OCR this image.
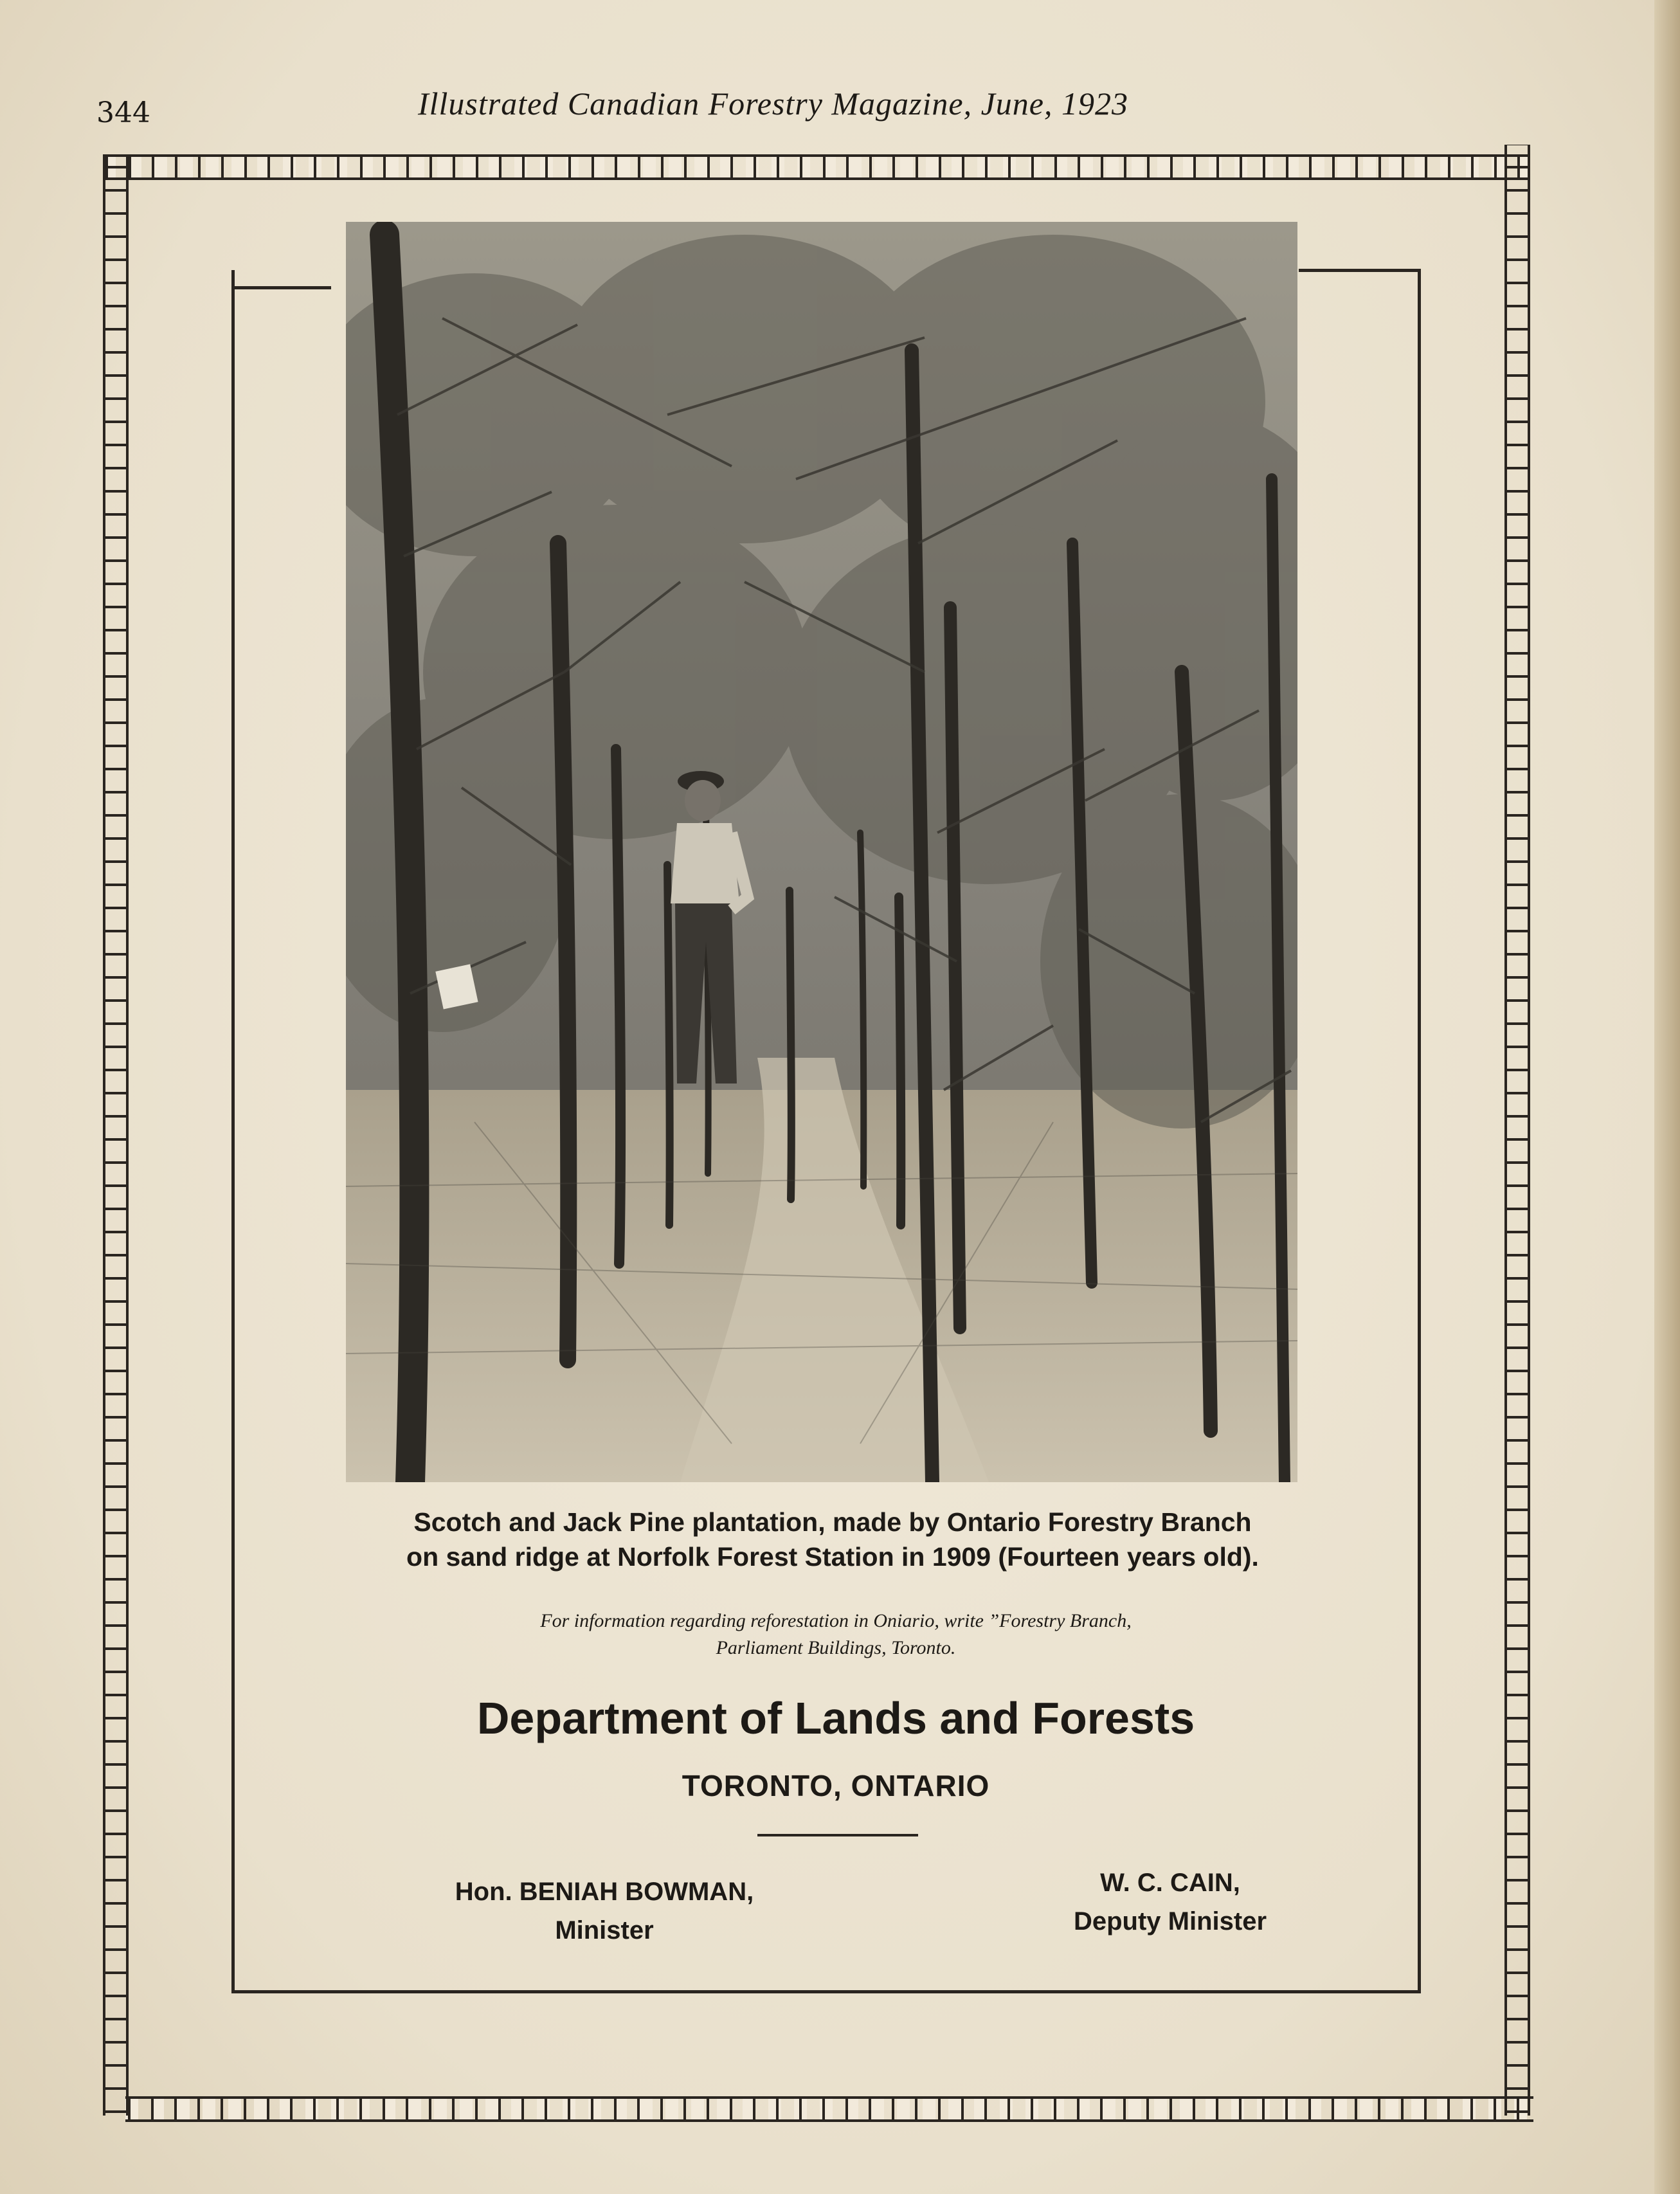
344	Illustrated Canadian Forestry Magazine, June, 1923
Scotch and Jack Pine plantation, made by Ontario Forestry Branch
on sand ridge at Norfolk Forest Station in 1909 (Fourteen years old).
For information regarding reforestation in Oniario, write ”Forestry Branch,
Parliament Buildings, Toronto.
Department of Lands and Forests
TORONTO, ONTARIO
Hon. BENIAH BOWMAN,
Minister
W. C. CAIN,
Deputy Minister
